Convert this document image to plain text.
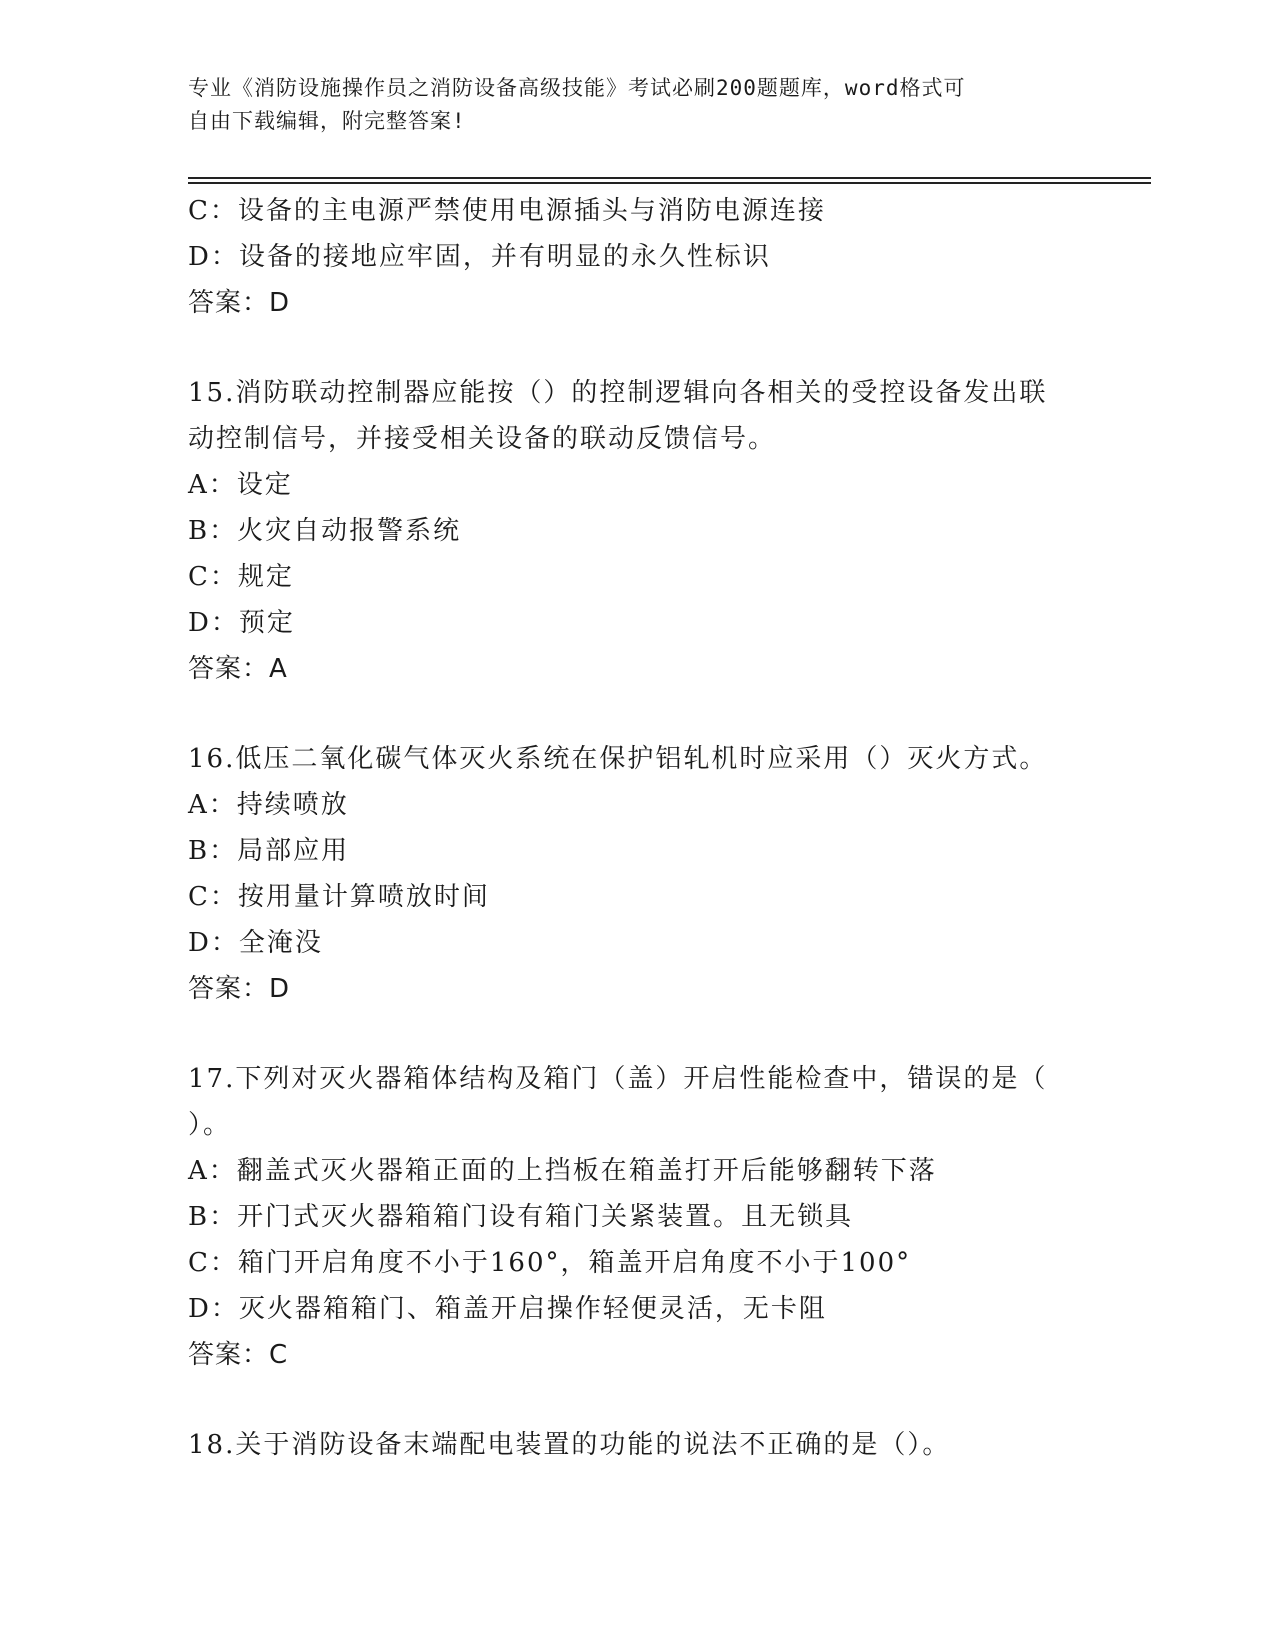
专业《消防设施操作员之消防设备高级技能》考试必刷200题题库，word格式可
自由下载编辑，附完整答案!
C：设备的主电源严禁使用电源插头与消防电源连接
D：设备的接地应牢固，并有明显的永久性标识
答案：D
15.消防联动控制器应能按（）的控制逻辑向各相关的受控设备发出联
动控制信号，并接受相关设备的联动反馈信号。
A：设定
B：火灾自动报警系统
C：规定
D：预定
答案：A
16.低压二氧化碳气体灭火系统在保护铝轧机时应采用（）灭火方式。
A：持续喷放
B：局部应用
C：按用量计算喷放时间
D：全淹没
答案：D
17.下列对灭火器箱体结构及箱门（盖）开启性能检查中，错误的是（
）。
A：翻盖式灭火器箱正面的上挡板在箱盖打开后能够翻转下落
B：开门式灭火器箱箱门设有箱门关紧装置。且无锁具
C：箱门开启角度不小于160°，箱盖开启角度不小于100°
D：灭火器箱箱门、箱盖开启操作轻便灵活，无卡阻
答案：C
18.关于消防设备末端配电装置的功能的说法不正确的是（）。
